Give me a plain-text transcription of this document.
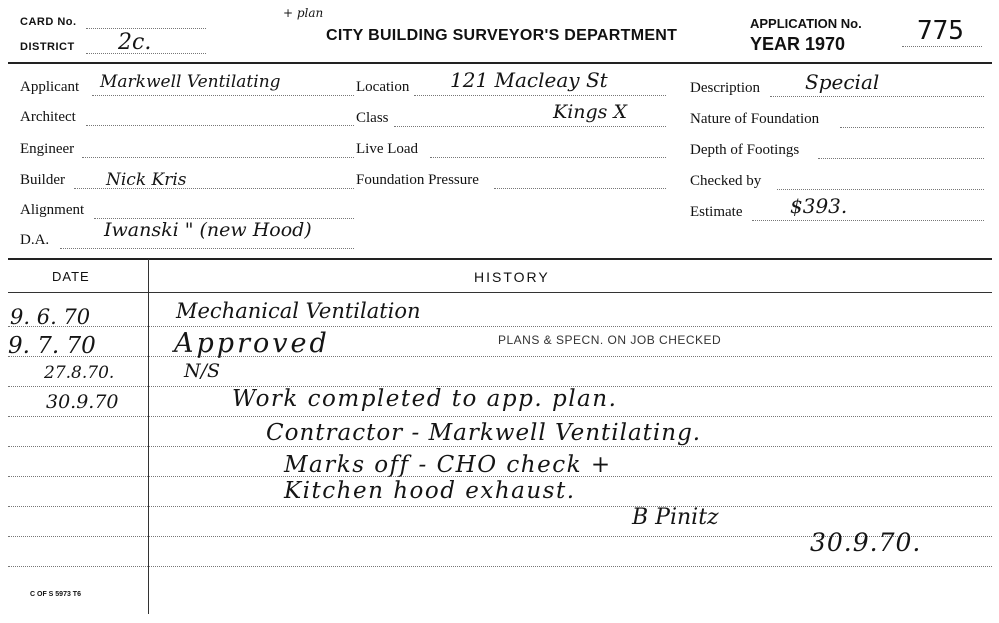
CARD No.
DISTRICT 2c.
+ plan
CITY BUILDING SURVEYOR'S DEPARTMENT
APPLICATION No.
YEAR 1970	775
Applicant Markwell Ventilating
Architect
Engineer
Builder Nick Kris
Alignment
D.A.	Iwanski " (new Hood)
Location 121 Macleay St
Class	Kings X
Live Load
Foundation Pressure
Description Special
Nature of Foundation
Depth of Footings
Checked by
Estimate $393.
DATE	HISTORY
9. 6. 70	Mechanical Ventilation
9. 7. 70	Approved	PLANS & SPECN. ON JOB CHECKED
27.8.70.	N/S
30.9.70	Work completed to app. plan.
Contractor - Markwell Ventilating.
Marks off - CHO check +
Kitchen hood exhaust.
B Pinitz
30.9.70.
C OF S 5973 T6
